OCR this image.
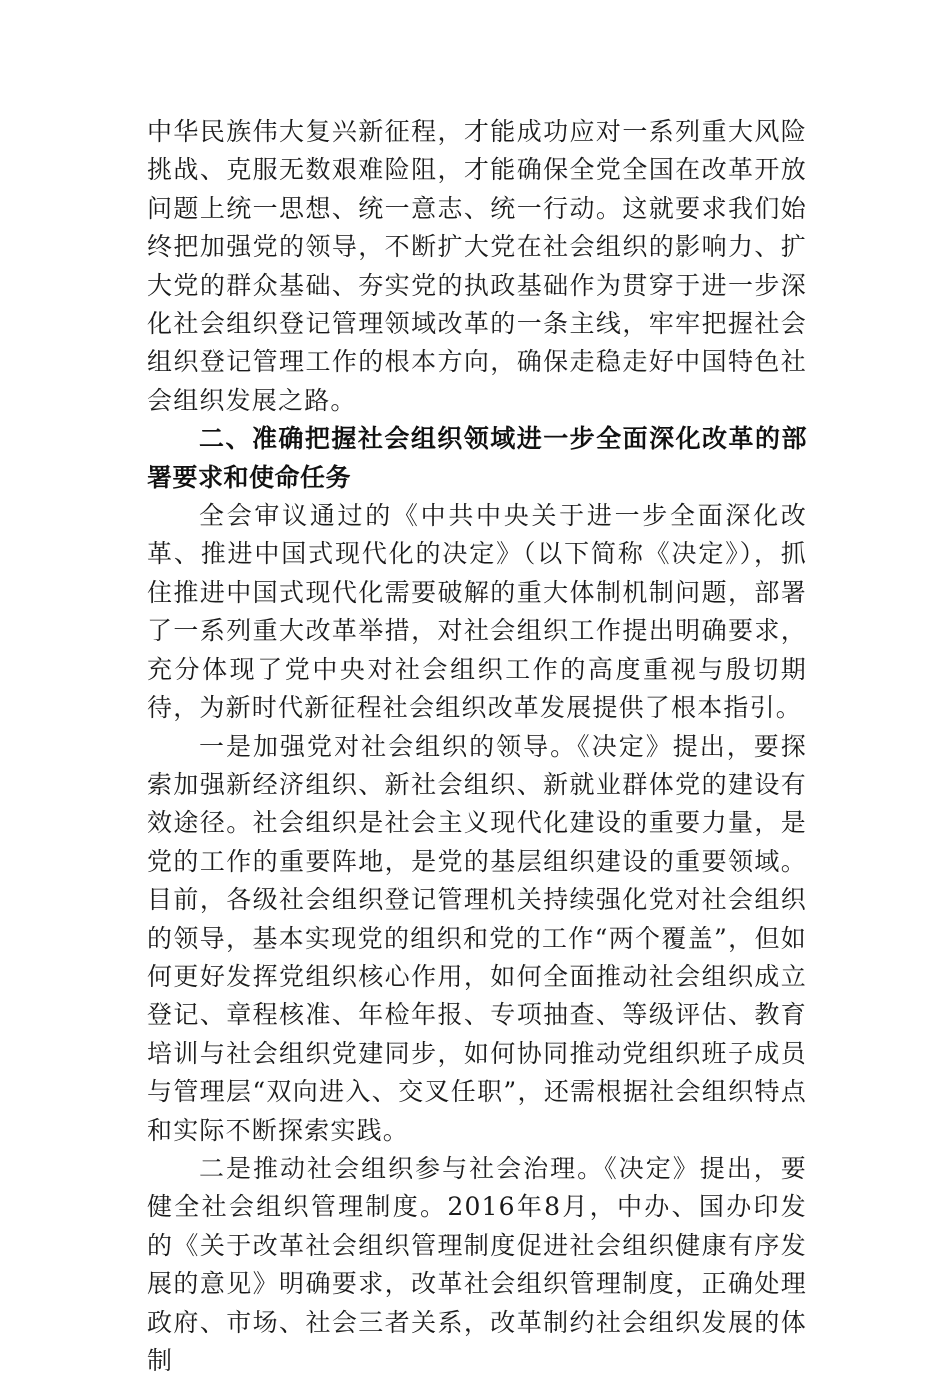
中华民族伟大复兴新征程，才能成功应对一系列重大风险挑战、克服无数艰难险阻，才能确保全党全国在改革开放问题上统一思想、统一意志、统一行动。这就要求我们始终把加强党的领导，不断扩大党在社会组织的影响力、扩大党的群众基础、夯实党的执政基础作为贯穿于进一步深化社会组织登记管理领域改革的一条主线，牢牢把握社会组织登记管理工作的根本方向，确保走稳走好中国特色社会组织发展之路。

二、准确把握社会组织领域进一步全面深化改革的部署要求和使命任务

全会审议通过的《中共中央关于进一步全面深化改革、推进中国式现代化的决定》（以下简称《决定》），抓住推进中国式现代化需要破解的重大体制机制问题，部署了一系列重大改革举措，对社会组织工作提出明确要求，充分体现了党中央对社会组织工作的高度重视与殷切期待，为新时代新征程社会组织改革发展提供了根本指引。

一是加强党对社会组织的领导。《决定》提出，要探索加强新经济组织、新社会组织、新就业群体党的建设有效途径。社会组织是社会主义现代化建设的重要力量，是党的工作的重要阵地，是党的基层组织建设的重要领域。目前，各级社会组织登记管理机关持续强化党对社会组织的领导，基本实现党的组织和党的工作“两个覆盖”，但如何更好发挥党组织核心作用，如何全面推动社会组织成立登记、章程核准、年检年报、专项抽查、等级评估、教育培训与社会组织党建同步，如何协同推动党组织班子成员与管理层“双向进入、交叉任职”，还需根据社会组织特点和实际不断探索实践。

二是推动社会组织参与社会治理。《决定》提出，要健全社会组织管理制度。2016年8月，中办、国办印发的《关于改革社会组织管理制度促进社会组织健康有序发展的意见》明确要求，改革社会组织管理制度，正确处理政府、市场、社会三者关系，改革制约社会组织发展的体制
